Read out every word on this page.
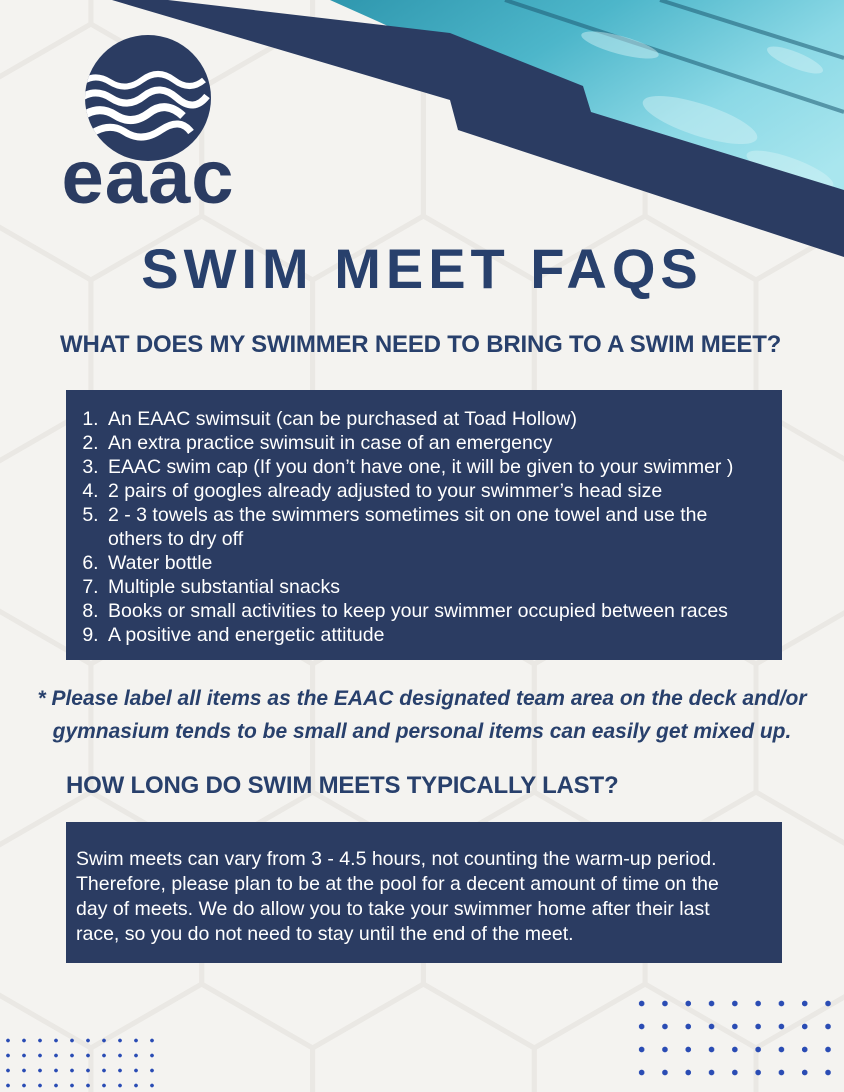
eaac
SWIM MEET FAQS
WHAT DOES MY SWIMMER NEED TO BRING TO A SWIM MEET?
1. An EAAC swimsuit (can be purchased at Toad Hollow)
2. An extra practice swimsuit in case of an emergency
3. EAAC swim cap (If you don’t have one, it will be given to your swimmer )
4. 2 pairs of googles already adjusted to your swimmer’s head size
5. 2 - 3 towels as the swimmers sometimes sit on one towel and use the others to dry off
6. Water bottle
7. Multiple substantial snacks
8. Books or small activities to keep your swimmer occupied between races
9. A positive and energetic attitude
* Please label all items as the EAAC designated team area on the deck and/or gymnasium tends to be small and personal items can easily get mixed up.
HOW LONG DO SWIM MEETS TYPICALLY LAST?

Swim meets can vary from 3 - 4.5 hours, not counting the warm-up period. Therefore, please plan to be at the pool for a decent amount of time on the day of meets. We do allow you to take your swimmer home after their last race, so you do not need to stay until the end of the meet.
